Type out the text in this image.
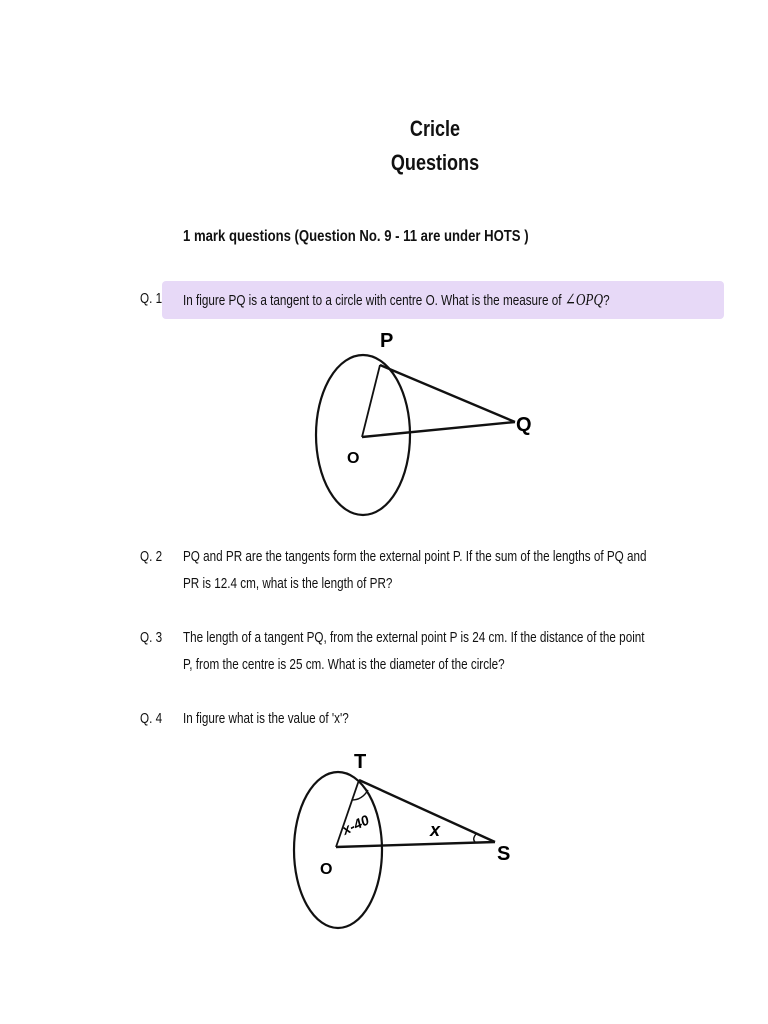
Cricle
Questions
1 mark questions (Question No. 9 - 11 are under HOTS )
Q. 1 In figure PQ is a tangent to a circle with centre O. What is the measure of ∠OPQ?
P
Q
O
Q. 2 PQ and PR are the tangents form the external point P. If the sum of the lengths of PQ and
PR is 12.4 cm, what is the length of PR?
Q. 3 The length of a tangent PQ, from the external point P is 24 cm. If the distance of the point
P, from the centre is 25 cm. What is the diameter of the circle?
Q. 4 In figure what is the value of 'x'?
T
S
O
x-40	x
